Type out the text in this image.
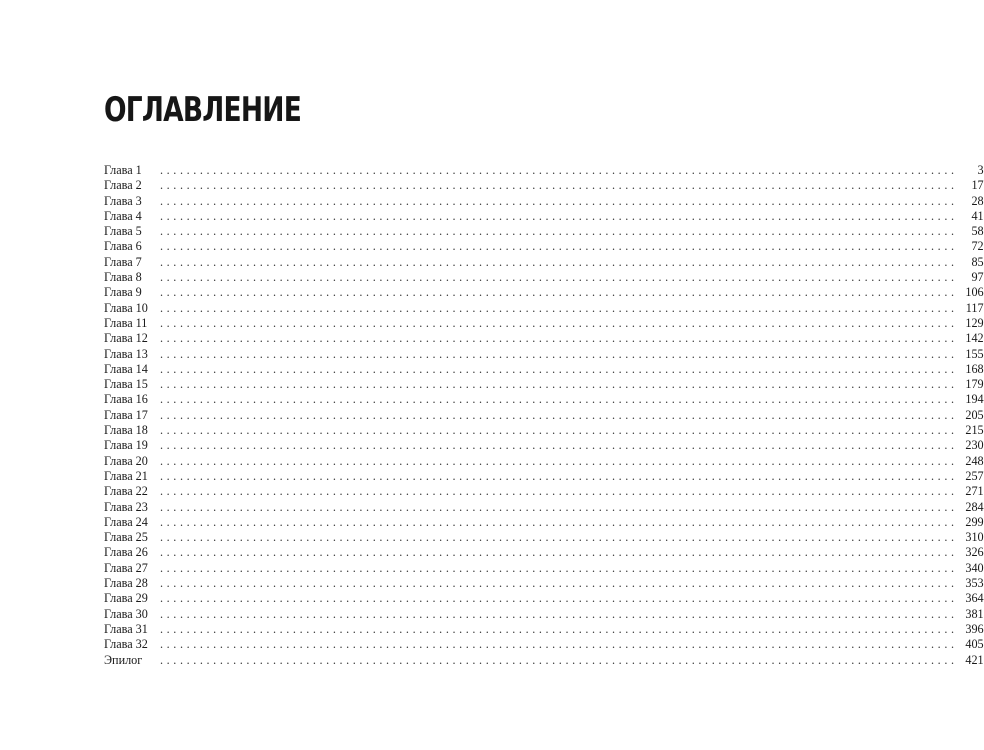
ОГЛАВЛЕНИЕ
Глава 1	........................................................................................................................	3
Глава 2	........................................................................................................................	17
Глава 3	........................................................................................................................	28
Глава 4	........................................................................................................................	41
Глава 5	........................................................................................................................	58
Глава 6	........................................................................................................................	72
Глава 7	........................................................................................................................	85
Глава 8	........................................................................................................................	97
Глава 9	........................................................................................................................ 106
Глава 10 ........................................................................................................................ 117
Глава 11	........................................................................................................................ 129
Глава 12 ........................................................................................................................ 142
Глава 13 ........................................................................................................................ 155
Глава 14 ........................................................................................................................ 168
Глава 15 ........................................................................................................................ 179
Глава 16 ........................................................................................................................ 194
Глава 17 ........................................................................................................................ 205
Глава 18 ........................................................................................................................ 215
Глава 19 ........................................................................................................................ 230
Глава 20 ........................................................................................................................ 248
Глава 21 ........................................................................................................................ 257
Глава 22 ........................................................................................................................ 271
Глава 23 ........................................................................................................................ 284
Глава 24 ........................................................................................................................ 299
Глава 25 ........................................................................................................................ 310
Глава 26 ........................................................................................................................ 326
Глава 27 ........................................................................................................................ 340
Глава 28 ........................................................................................................................ 353
Глава 29 ........................................................................................................................ 364
Глава 30 ........................................................................................................................ 381
Глава 31 ........................................................................................................................ 396
Глава 32 ........................................................................................................................ 405
Эпилог	........................................................................................................................ 421
